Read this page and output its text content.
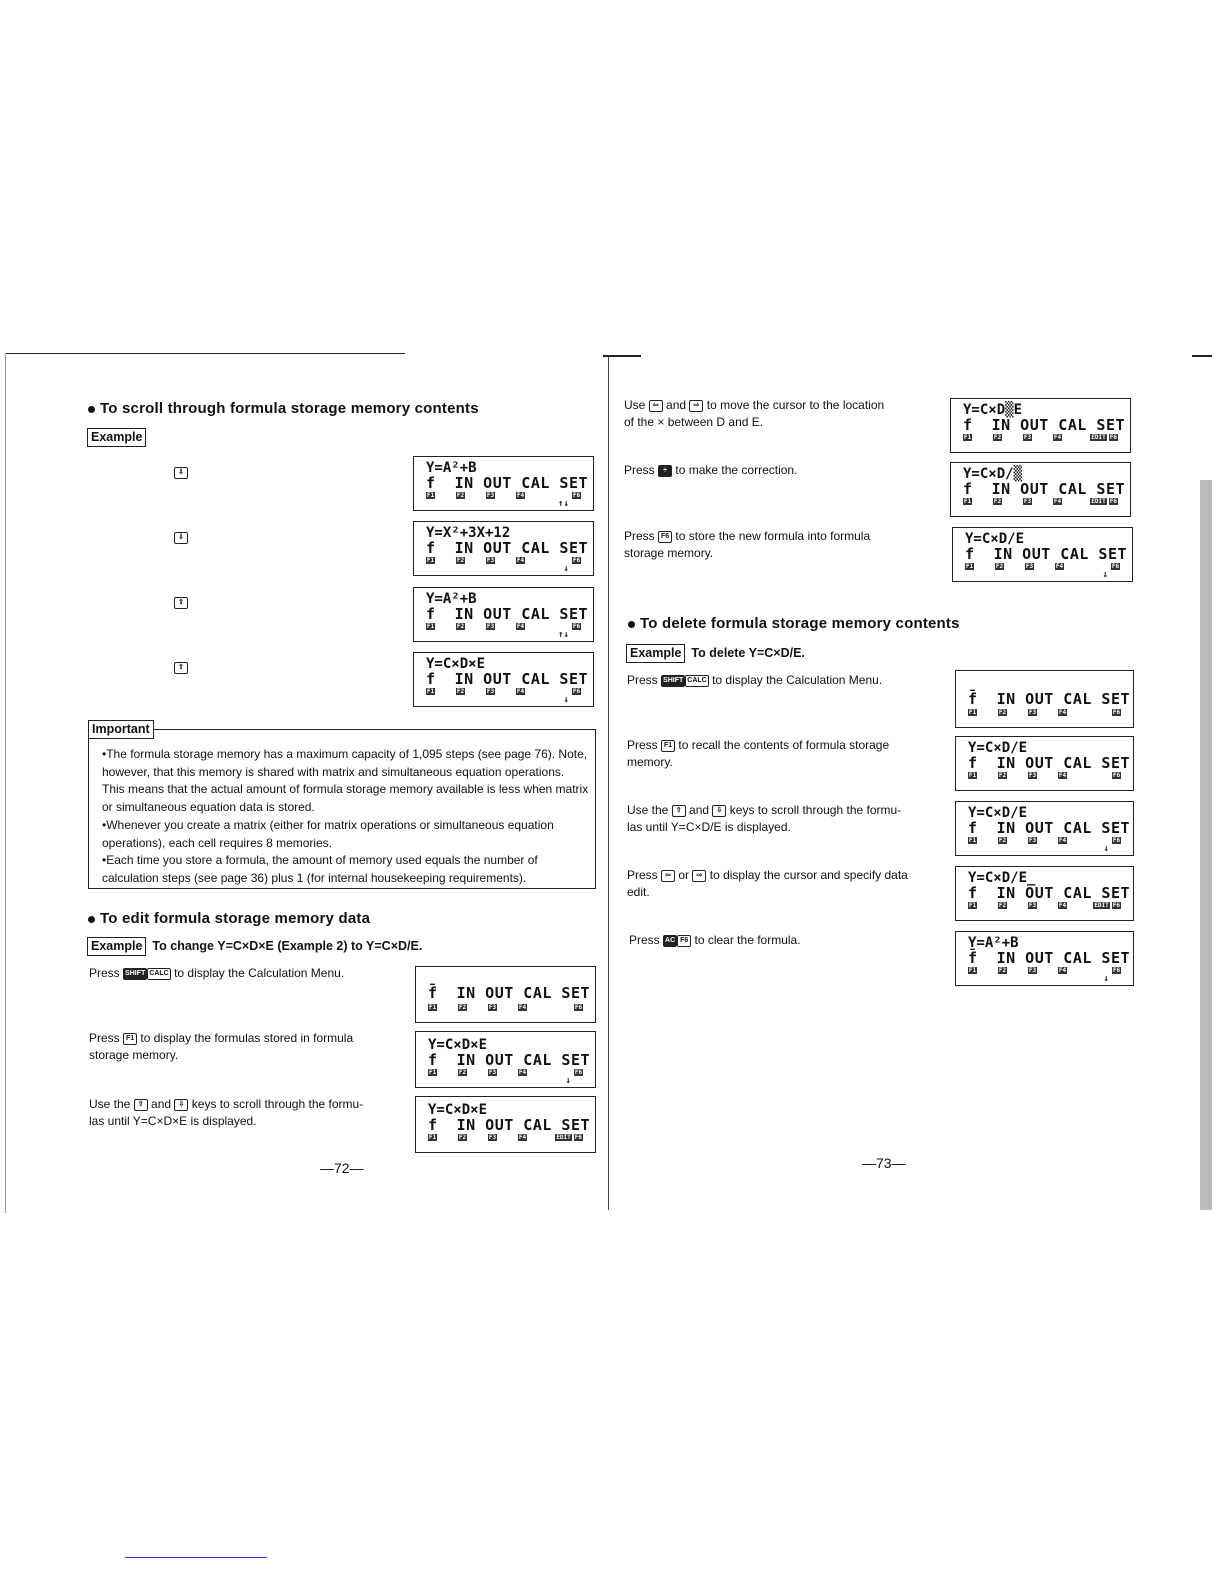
To scroll through formula storage memory contents
Example
⇩
⇩
⇧
⇧
Y=A²+B
f  IN OUT CAL SET
F1	F2	F3	F4	F6
↑↓
Y=X²+3X+12
f  IN OUT CAL SET
F1	F2	F3	F4	F6
↓
Y=A²+B
f  IN OUT CAL SET
F1	F2	F3	F4	F6
↑↓
Y=C×D×E
f  IN OUT CAL SET
F1	F2	F3	F4	F6
↓
Important
•The formula storage memory has a maximum capacity of 1,095 steps (see page 76). Note, however, that this memory is shared with matrix and simultaneous equation operations. This means that the actual amount of formula storage memory available is less when matrix or simultaneous equation data is stored.
•Whenever you create a matrix (either for matrix operations or simultaneous equation operations), each cell requires 8 memories.
•Each time you store a formula, the amount of memory used equals the number of calculation steps (see page 36) plus 1 (for internal housekeeping requirements).
To edit formula storage memory data
Example To change Y=C×D×E (Example 2) to Y=C×D/E.
Press SHIFT CALC to display the Calculation Menu.
Press F1 to display the formulas stored in formula
storage memory.
Use the ⇧ and ⇩ keys to scroll through the formu-
las until Y=C×D×E is displayed.
f̄  IN OUT CAL SET
F1	F2	F3	F4	F6
Y=C×D×E
f  IN OUT CAL SET
F1	F2	F3	F4	F6
↓
Y=C×D×E
f  IN OUT CAL SET
F1	F2	F3	F4	EDIT F6
—72—
Use ⇦ and ⇨ to move the cursor to the location
of the × between D and E.
Press ÷ to make the correction.
Press F6 to store the new formula into formula
storage memory.
Y=C×D▒E
f  IN OUT CAL SET
F1	F2	F3	F4	EDIT F6
Y=C×D/▒
f  IN OUT CAL SET
F1	F2	F3	F4	EDIT F6
Y=C×D/E
f  IN OUT CAL SET
F1	F2	F3	F4	F6
↓
To delete formula storage memory contents
Example To delete Y=C×D/E.
Press SHIFT CALC to display the Calculation Menu.
Press F1 to recall the contents of formula storage
memory.
Use the ⇧ and ⇩ keys to scroll through the formu-
las until Y=C×D/E is displayed.
Press ⇦ or ⇨ to display the cursor and specify data
edit.
Press AC F6 to clear the formula.
f̄  IN OUT CAL SET
F1	F2	F3	F4	F6
Y=C×D/E
f  IN OUT CAL SET
F1	F2	F3	F4	F6
Y=C×D/E
f  IN OUT CAL SET
F1	F2	F3	F4	F6
↓
Y=C×D/E_
f  IN OUT CAL SET
F1	F2	F3	F4	EDIT F6
Y=A²+B
f̄  IN OUT CAL SET
F1	F2	F3	F4	F6
↓
—73—
